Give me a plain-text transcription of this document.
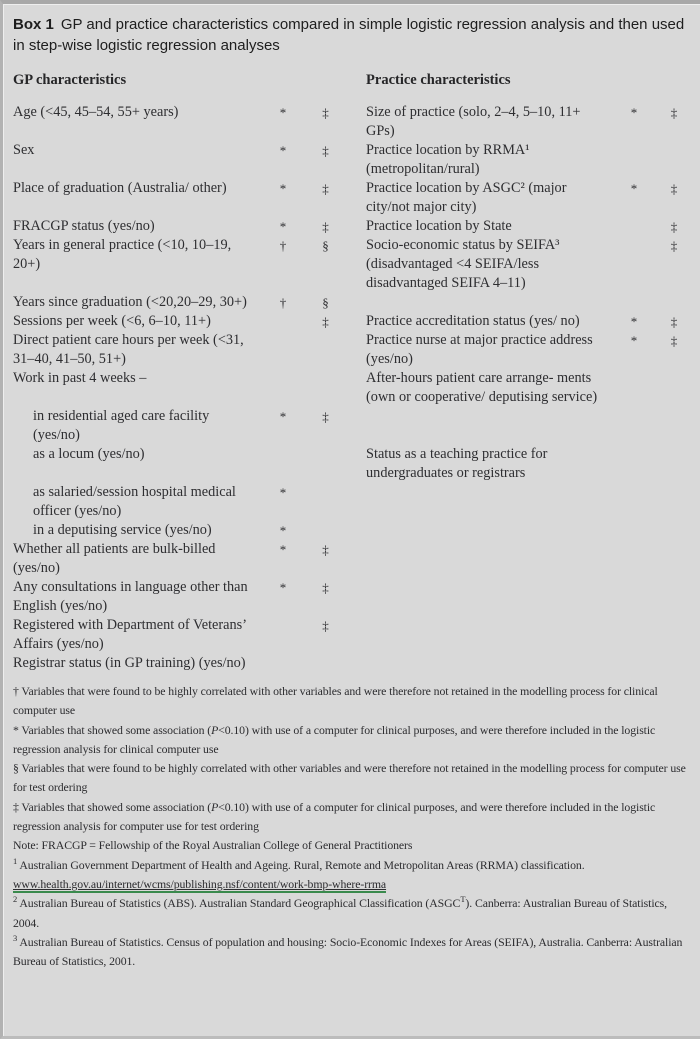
Box 1 GP and practice characteristics compared in simple logistic regression analysis and then used in step-wise logistic regression analyses
GP characteristics				Practice characteristics		
Age (<45, 45–54, 55+ years)	*	‡		Size of practice (solo, 2–4, 5–10, 11+ GPs)	*	‡
Sex	*	‡		Practice location by RRMA¹ (metropolitan/rural)		
Place of graduation (Australia/ other)	*	‡		Practice location by ASGC² (major city/not major city)	*	‡
FRACGP status (yes/no)	*	‡		Practice location by State		‡
Years in general practice (<10, 10–19, 20+)	†	§		Socio-economic status by SEIFA³ (disadvantaged <4 SEIFA/less disadvantaged SEIFA 4–11)		‡
Years since graduation (<20,20–29, 30+)	†	§				
Sessions per week (<6, 6–10, 11+)		‡		Practice accreditation status (yes/ no)	*	‡
Direct patient care hours per week (<31, 31–40, 41–50, 51+)				Practice nurse at major practice address (yes/no)	*	‡
Work in past 4 weeks –				After-hours patient care arrange- ments (own or cooperative/ deputising service)		
in residential aged care facility (yes/no)	*	‡				
as a locum (yes/no)				Status as a teaching practice for undergraduates or registrars		
as salaried/session hospital medical officer (yes/no)	*					
in a deputising service (yes/no)	*					
Whether all patients are bulk-billed (yes/no)	*	‡				
Any consultations in language other than English (yes/no)	*	‡				
Registered with Department of Veterans’ Affairs (yes/no)		‡				
Registrar status (in GP training) (yes/no)						

† Variables that were found to be highly correlated with other variables and were therefore not retained in the modelling process for clinical computer use

* Variables that showed some association (P<0.10) with use of a computer for clinical purposes, and were therefore included in the logistic regression analysis for clinical computer use

§ Variables that were found to be highly correlated with other variables and were therefore not retained in the modelling process for computer use for test ordering

‡ Variables that showed some association (P<0.10) with use of a computer for clinical purposes, and were therefore included in the logistic regression analysis for computer use for test ordering

Note: FRACGP = Fellowship of the Royal Australian College of General Practitioners

$^1$ Australian Government Department of Health and Ageing. Rural, Remote and Metropolitan Areas (RRMA) classification. www.health.gov.au/internet/wcms/publishing.nsf/content/work-bmp-where-rrma

$^2$ Australian Bureau of Statistics (ABS). Australian Standard Geographical Classification $(ASGC^T)$. Canberra: Australian Bureau of Statistics, 2004.

$^3$ Australian Bureau of Statistics. Census of population and housing: Socio-Economic Indexes for Areas (SEIFA), Australia. Canberra: Australian Bureau of Statistics, 2001.
